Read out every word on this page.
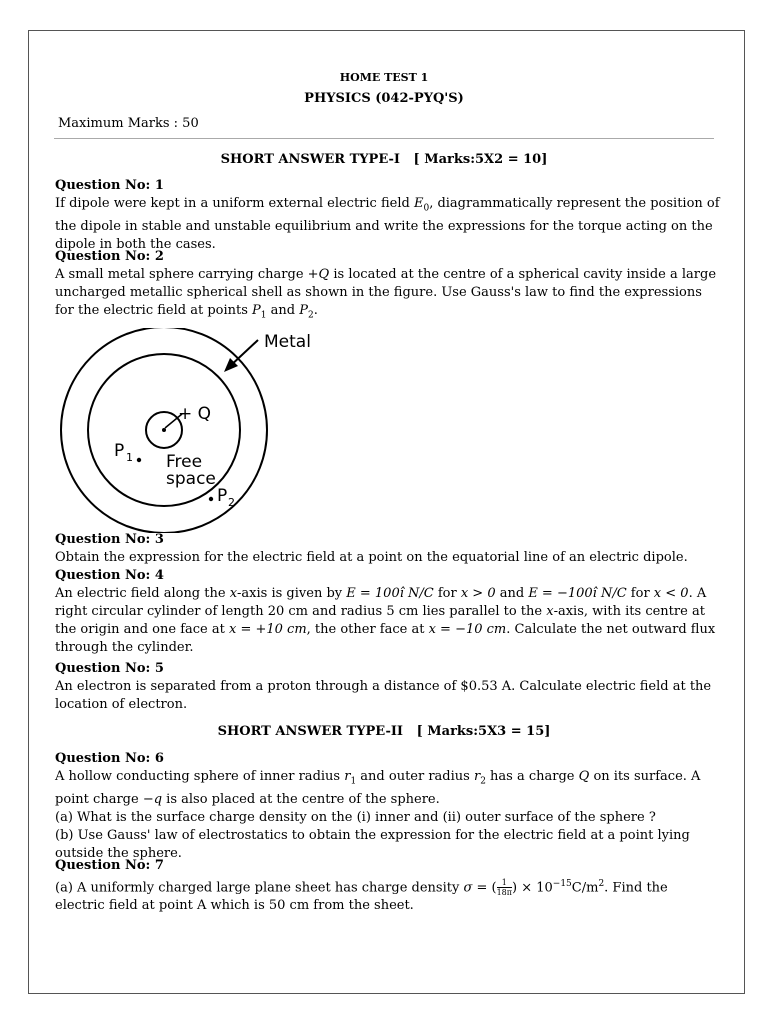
HOME TEST 1
PHYSICS (042-PYQ'S)
Maximum Marks : 50
SHORT ANSWER TYPE-I [ Marks:5X2 = 10]
Question No: 1
If dipole were kept in a uniform external electric field $E_0$, diagrammatically represent the position of the dipole in stable and unstable equilibrium and write the expressions for the torque acting on the dipole in both the cases.
Question No: 2
A small metal sphere carrying charge +Q is located at the centre of a spherical cavity inside a large uncharged metallic spherical shell as shown in the figure. Use Gauss's law to find the expressions for the electric field at points $P_1$ and $P_2$.
Metal
+ Q
P 1 Free
space
P 2
Question No: 3
Obtain the expression for the electric field at a point on the equatorial line of an electric dipole.
Question No: 4
An electric field along the x-axis is given by E = 100î N/C for x > 0 and E = −100î N/C for x < 0. A right circular cylinder of length 20 cm and radius 5 cm lies parallel to the x-axis, with its centre at the origin and one face at x = +10 cm, the other face at x = −10 cm. Calculate the net outward flux through the cylinder.
Question No: 5
An electron is separated from a proton through a distance of $0.53 A. Calculate electric field at the location of electron.
SHORT ANSWER TYPE-II [ Marks:5X3 = 15]
Question No: 6
A hollow conducting sphere of inner radius $r_1$ and outer radius $r_2$ has a charge Q on its surface. A point charge −q is also placed at the centre of the sphere.
(a) What is the surface charge density on the (i) inner and (ii) outer surface of the sphere ?
(b) Use Gauss' law of electrostatics to obtain the expression for the electric field at a point lying outside the sphere.
Question No: 7
(a) A uniformly charged large plane sheet has charge density σ = ( $\frac{1}{18\pi}$ ) × $10^{-15}C/m^2$. Find the electric field at point A which is 50 cm from the sheet.
